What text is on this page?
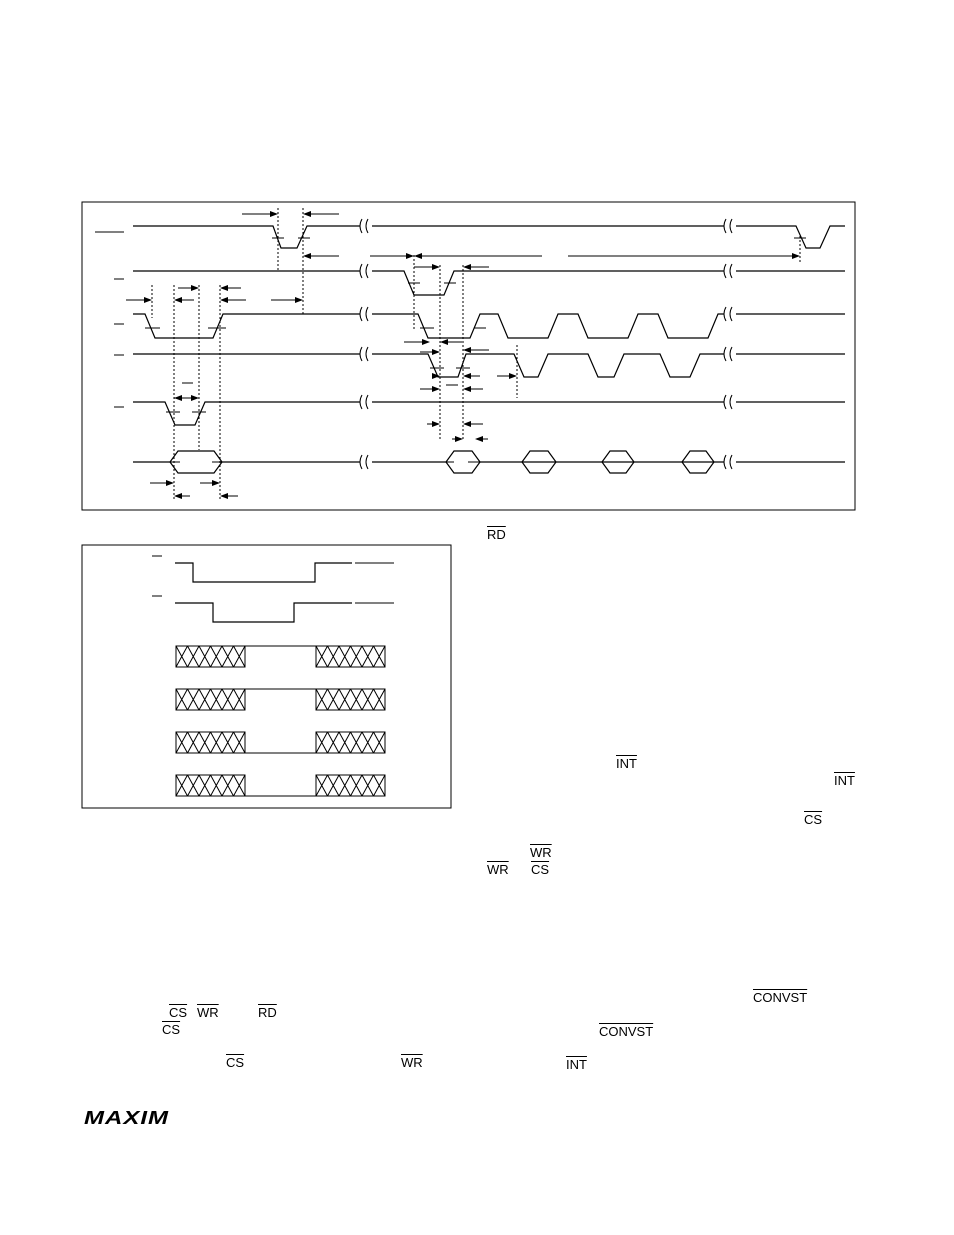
$\overline{RD}$
$\overline{INT}$
$\overline{INT}$
$\overline{CS}$
$\overline{WR}$
$\overline{WR}$ $\overline{CS}$
CONVST
$\overline{CS}$ $\overline{WR}$	$\overline{RD}$
$\overline{CS}$	CONVST
$\overline{CS}$	$\overline{WR}$	$\overline{INT}$
MAXIM
